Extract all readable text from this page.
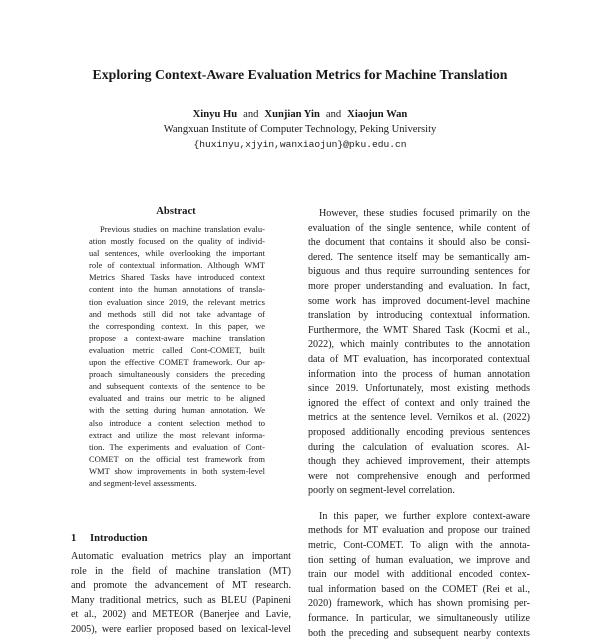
Exploring Context-Aware Evaluation Metrics for Machine Translation
Xinyu Hu and Xunjian Yin and Xiaojun Wan
Wangxuan Institute of Computer Technology, Peking University
{huxinyu,xjyin,wanxiaojun}@pku.edu.cn
Abstract
Previous studies on machine translation evalu-
ation mostly focused on the quality of individ-
ual sentences, while overlooking the important
role of contextual information. Although WMT
Metrics Shared Tasks have introduced context
content into the human annotations of transla-
tion evaluation since 2019, the relevant metrics
and methods still did not take advantage of
the corresponding context. In this paper, we
propose a context-aware machine translation
evaluation metric called Cont-COMET, built
upon the effective COMET framework. Our ap-
proach simultaneously considers the preceding
and subsequent contexts of the sentence to be
evaluated and trains our metric to be aligned
with the setting during human annotation. We
also introduce a content selection method to
extract and utilize the most relevant informa-
tion. The experiments and evaluation of Cont-
COMET on the official test framework from
WMT show improvements in both system-level
and segment-level assessments.
1 Introduction
Automatic evaluation metrics play an important
role in the field of machine translation (MT)
and promote the advancement of MT research.
Many traditional metrics, such as BLEU (Papineni
et al., 2002) and METEOR (Banerjee and Lavie,
2005), were earlier proposed based on lexical-level
However, these studies focused primarily on the
evaluation of the single sentence, while content of
the document that contains it should also be consi-
dered. The sentence itself may be semantically am-
biguous and thus require surrounding sentences for
more proper understanding and evaluation. In fact,
some work has improved document-level machine
translation by introducing contextual information.
Furthermore, the WMT Shared Task (Kocmi et al.,
2022), which mainly contributes to the annotation
data of MT evaluation, has incorporated contextual
information into the process of human annotation
since 2019. Unfortunately, most existing methods
ignored the effect of context and only trained the
metrics at the sentence level. Vernikos et al. (2022)
proposed additionally encoding previous sentences
during the calculation of evaluation scores. Al-
though they achieved improvement, their attempts
were not comprehensive enough and performed
poorly on segment-level correlation.
In this paper, we further explore context-aware
methods for MT evaluation and propose our trained
metric, Cont-COMET. To align with the annota-
tion setting of human evaluation, we improve and
train our model with additional encoded contex-
tual information based on the COMET (Rei et al.,
2020) framework, which has shown promising per-
formance. In particular, we simultaneously utilize
both the preceding and subsequent nearby contexts
